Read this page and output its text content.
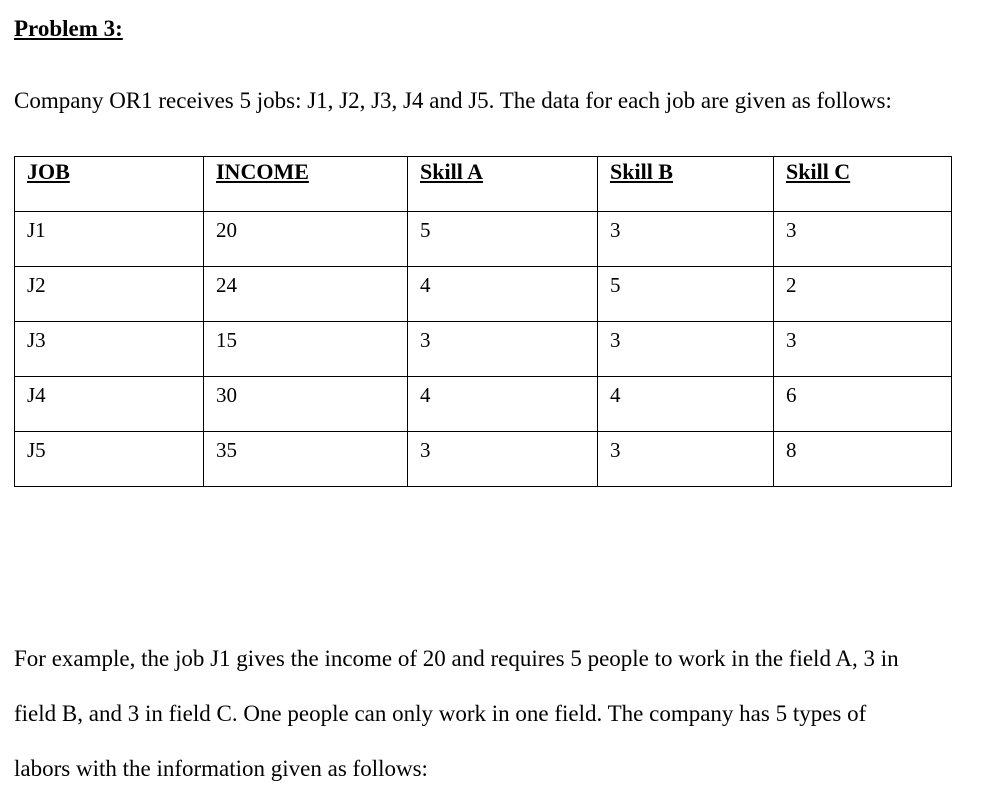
Problem 3:
Company OR1 receives 5 jobs: J1, J2, J3, J4 and J5. The data for each job are given as follows:
JOB	INCOME	Skill A	Skill B	Skill C
J1	20	5	3	3
J2	24	4	5	2
J3	15	3	3	3
J4	30	4	4	6
J5	35	3	3	8
For example, the job J1 gives the income of 20 and requires 5 people to work in the field A, 3 in
field B, and 3 in field C. One people can only work in one field. The company has 5 types of
labors with the information given as follows:
